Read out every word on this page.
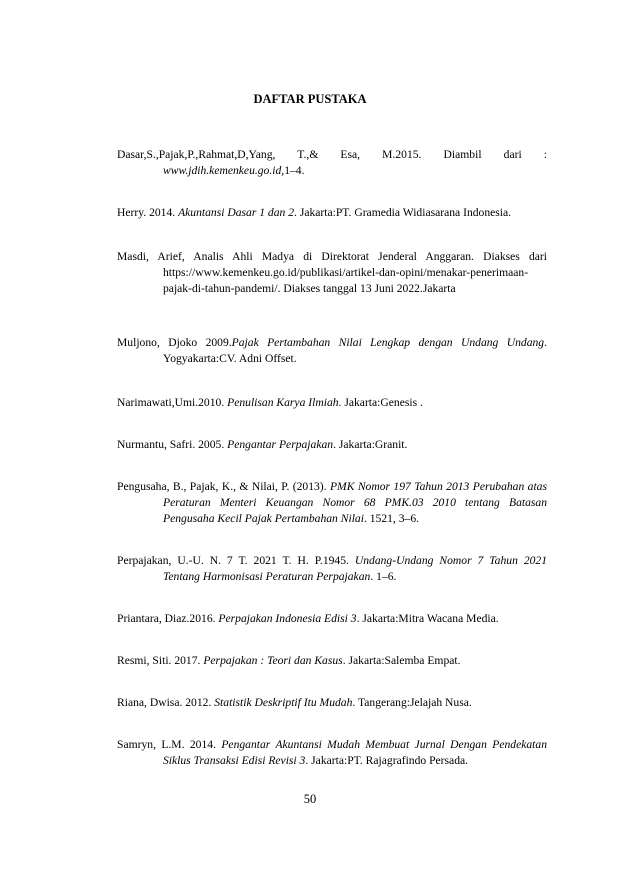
DAFTAR PUSTAKA
Dasar,S.,Pajak,P.,Rahmat,D,Yang, T.,& Esa, M.2015. Diambil dari : www.jdih.kemenkeu.go.id,1–4.
Herry. 2014. Akuntansi Dasar 1 dan 2. Jakarta:PT. Gramedia Widiasarana Indonesia.
Masdi, Arief, Analis Ahli Madya di Direktorat Jenderal Anggaran. Diakses dari https://www.kemenkeu.go.id/publikasi/artikel-dan-opini/menakar-penerimaan-pajak-di-tahun-pandemi/. Diakses tanggal 13 Juni 2022.Jakarta
Muljono, Djoko 2009.Pajak Pertambahan Nilai Lengkap dengan Undang Undang. Yogyakarta:CV. Adni Offset.
Narimawati,Umi.2010. Penulisan Karya Ilmiah. Jakarta:Genesis .
Nurmantu, Safri. 2005. Pengantar Perpajakan. Jakarta:Granit.
Pengusaha, B., Pajak, K., & Nilai, P. (2013). PMK Nomor 197 Tahun 2013 Perubahan atas Peraturan Menteri Keuangan Nomor 68 PMK.03 2010 tentang Batasan Pengusaha Kecil Pajak Pertambahan Nilai. 1521, 3–6.
Perpajakan, U.-U. N. 7 T. 2021 T. H. P.1945. Undang-Undang Nomor 7 Tahun 2021 Tentang Harmonisasi Peraturan Perpajakan. 1–6.
Priantara, Diaz.2016. Perpajakan Indonesia Edisi 3. Jakarta:Mitra Wacana Media.
Resmi, Siti. 2017. Perpajakan : Teori dan Kasus. Jakarta:Salemba Empat.
Riana, Dwisa. 2012. Statistik Deskriptif Itu Mudah. Tangerang:Jelajah Nusa.
Samryn, L.M. 2014. Pengantar Akuntansi Mudah Membuat Jurnal Dengan Pendekatan Siklus Transaksi Edisi Revisi 3. Jakarta:PT. Rajagrafindo Persada.
50
